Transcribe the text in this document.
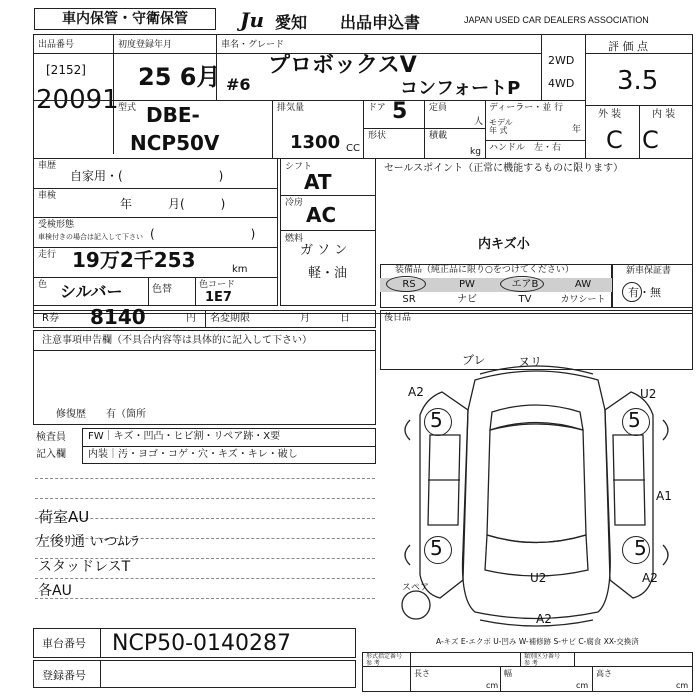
車内保管・守衛保管	Ju 愛知 出品申込書	JAPAN USED CAR DEALERS ASSOCIATION
出品番号
[2152]
20091
初度登録年月
25 6月
車名・グレード
#6
プロボックスV
コンフォートP
2WD
4WD
評 価 点
3.5
外 装	内 装
C C
型式 DBE-
NCP50V
排気量
1300 CC
ドア 5 定員
人
形状	積載
kg
ディーラー・並 行
モデル
年 式	年
ハンドル　左・右
車歴
自家用・(　　　　　　　　)
車検
年　　　月(　　　)
受検形態
車検付きの場合は記入して下さい (　　　　　　　　)
走行 19万2千253	km
色 シルバー	色替	色コード
1E7
シフト
AT
冷房 AC
燃料
ガ ソ ン
軽・油
セールスポイント（正常に機能するものに限ります）
内キズ小
装備品（純正品に限り○をつけてください）
RS	PW	エアB	AW
SR	ナビ	TV	カワシート
新車保証書
有・無
R券 8140	円 名変期限	月　　　日	後日品
注意事項申告欄（不具合内容等は具体的に記入して下さい）
修復歴　　有（箇所
検査員
記入欄
FW｜キズ・凹凸・ヒビ割・リペア跡・X要
内装｜汚・ヨゴ・コゲ・穴・キズ・キレ・破し
荷室AU
左後ﾘ通 いつﾑﾚﾗ
スタッドレスT
各AU
5	5
5	5
ブレ	ヌリ
A2	U2
A1
U2	A2
A2
スペア
A-キズ E-エクボ U-凹み W-補修跡 S-サビ C-腐食 XX-交換済
車台番号 NCP50-0140287
登録番号
形式指定番号
参 考
類別区分番号
参 考
長さ
cm
幅
cm
高さ
cm
